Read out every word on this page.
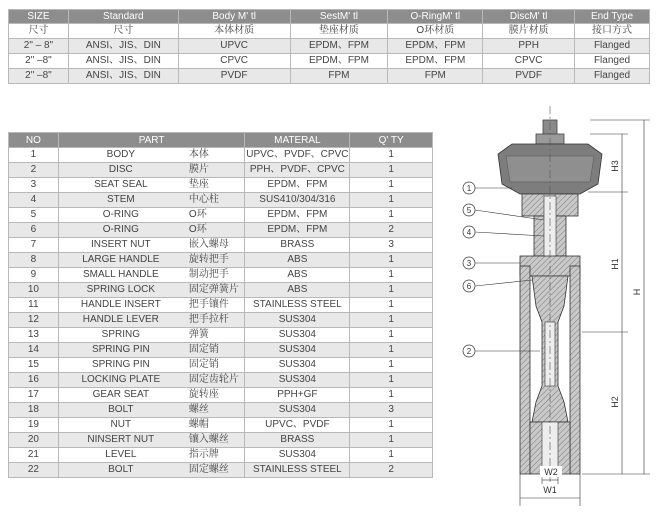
SIZE	Standard	Body M' tl	SestM' tl	O-RingM' tl	DiscM' tl	End Type
尺寸	尺寸	本体材质	垫座材质	O环材质	膜片材质	接口方式
2" – 8"	ANSI、JIS、DIN	UPVC	EPDM、FPM	EPDM、FPM	PPH	Flanged
2" –8"	ANSI、JIS、DIN	CPVC	EPDM、FPM	EPDM、FPM	CPVC	Flanged
2" –8"	ANSI、JIS、DIN	PVDF	FPM	FPM	PVDF	Flanged
NO	PART		MATERAL	Q' TY
1	BODY	本体	UPVC、PVDF、CPVC	1
2	DISC	膜片	PPH、PVDF、CPVC	1
3	SEAT SEAL	垫座	EPDM、FPM	1
4	STEM	中心柱	SUS410/304/316	1
5	O-RING	O环	EPDM、FPM	1
6	O-RING	O环	EPDM、FPM	2
7	INSERT NUT	嵌入螺母	BRASS	3
8	LARGE HANDLE	旋转把手	ABS	1
9	SMALL HANDLE	制动把手	ABS	1
10	SPRING LOCK	固定弹簧片	ABS	1
11	HANDLE INSERT	把手镶件	STAINLESS STEEL	1
12	HANDLE LEVER	把手拉杆	SUS304	1
13	SPRING	弹簧	SUS304	1
14	SPRING PIN	固定销	SUS304	1
15	SPRING PIN	固定销	SUS304	1
16	LOCKING PLATE	固定齿轮片	SUS304	1
17	GEAR SEAT	旋转座	PPH+GF	1
18	BOLT	螺丝	SUS304	3
19	NUT	螺帽	UPVC、PVDF	1
20	NINSERT NUT	镶入螺丝	BRASS	1
21	LEVEL	指示牌	SUS304	1
22	BOLT	固定螺丝	STAINLESS STEEL	2
H3
H1
H
H2
W2
W1
1
5
4
3
6
2
